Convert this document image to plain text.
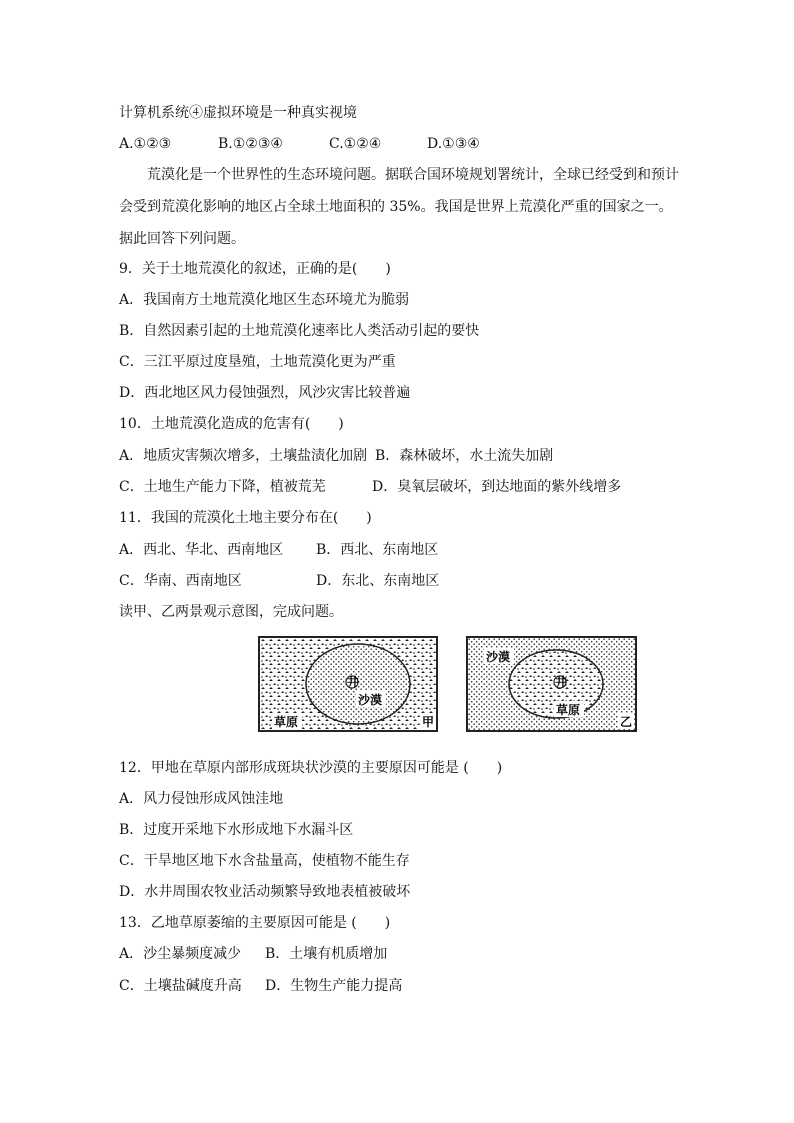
计算机系统④虚拟环境是一种真实视境
A.①②③	B.①②③④	C.①②④	D.①③④
荒漠化是一个世界性的生态环境问题。据联合国环境规划署统计，全球已经受到和预计会受到荒漠化影响的地区占全球土地面积的 35%。我国是世界上荒漠化严重的国家之一。据此回答下列问题。
9．关于土地荒漠化的叙述，正确的是(　　)
A．我国南方土地荒漠化地区生态环境尤为脆弱
B．自然因素引起的土地荒漠化速率比人类活动引起的要快
C．三江平原过度垦殖，土地荒漠化更为严重
D．西北地区风力侵蚀强烈，风沙灾害比较普遍
10．土地荒漠化造成的危害有(　　)
A．地质灾害频次增多，土壤盐渍化加剧 B．森林破坏，水土流失加剧
C．土地生产能力下降，植被荒芜	D．臭氧层破坏，到达地面的紫外线增多
11．我国的荒漠化土地主要分布在(　　)
A．西北、华北、西南地区 B．西北、东南地区
C．华南、西南地区	D．东北、东南地区
读甲、乙两景观示意图，完成问题。
井
沙漠
草原	甲
井
沙漠
草原
乙
12．甲地在草原内部形成斑块状沙漠的主要原因可能是 (　　)
A．风力侵蚀形成风蚀洼地
B．过度开采地下水形成地下水漏斗区
C．干旱地区地下水含盐量高，使植物不能生存
D．水井周围农牧业活动频繁导致地表植被破坏
13．乙地草原萎缩的主要原因可能是 (　　)
A．沙尘暴频度减少 B．土壤有机质增加
C．土壤盐碱度升高 D．生物生产能力提高
